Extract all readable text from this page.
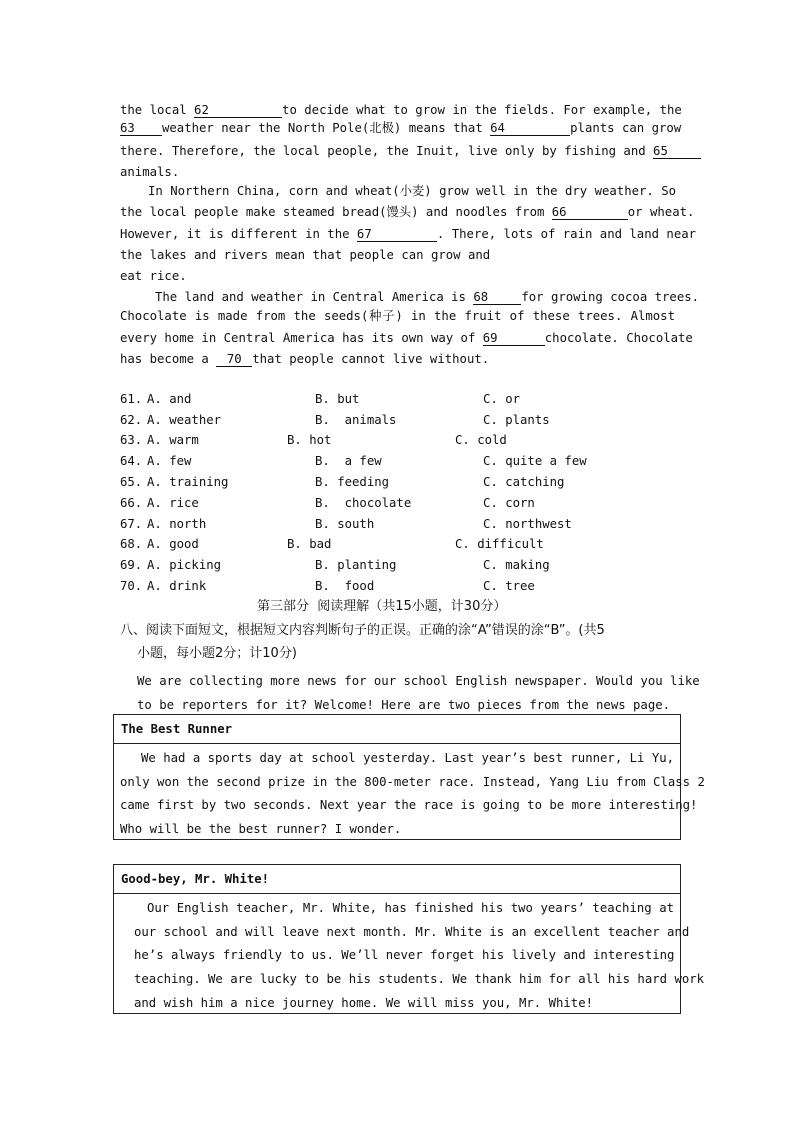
the local 62	to decide what to grow in the fields. For example, the
63 weather near the North Pole(北极) means that 64	plants can grow
there. Therefore, the local people, the Inuit, live only by fishing and 65
animals.
In Northern China, corn and wheat(小麦) grow well in the dry weather. So
the local people make steamed bread(馒头) and noodles from 66	or wheat.
However, it is different in the 67	. There, lots of rain and land near
the lakes and rivers mean that people can grow and
eat rice.
The land and weather in Central America is 68	for growing cocoa trees.
Chocolate is made from the seeds(种子) in the fruit of these trees. Almost
every home in Central America has its own way of 69	chocolate. Chocolate
has become a 70 that people cannot live without.
61. A. and	B. but	C. or
62. A. weather	B.  animals	C. plants
63. A. warm	B. hot	C. cold
64. A. few	B.  a few	C. quite a few
65. A. training	B. feeding	C. catching
66. A. rice	B.  chocolate	C. corn
67. A. north	B. south	C. northwest
68. A. good	B. bad	C. difficult
69. A. picking	B. planting	C. making
70. A. drink	B.  food	C. tree
第三部分  阅读理解（共15小题，计30分）
八、阅读下面短文，根据短文内容判断句子的正误。正确的涂“A”错误的涂“B”。(共5
小题，每小题2分；计10分)
We are collecting more news for our school English newspaper. Would you like
to be reporters for it? Welcome! Here are two pieces from the news page.
The Best Runner
We had a sports day at school yesterday. Last year’s best runner, Li Yu,
only won the second prize in the 800-meter race. Instead, Yang Liu from Class 2
came first by two seconds. Next year the race is going to be more interesting!
Who will be the best runner? I wonder.
Good-bey, Mr. White!
Our English teacher, Mr. White, has finished his two years’ teaching at
our school and will leave next month. Mr. White is an excellent teacher and
he’s always friendly to us. We’ll never forget his lively and interesting
teaching. We are lucky to be his students. We thank him for all his hard work
and wish him a nice journey home. We will miss you, Mr. White!
